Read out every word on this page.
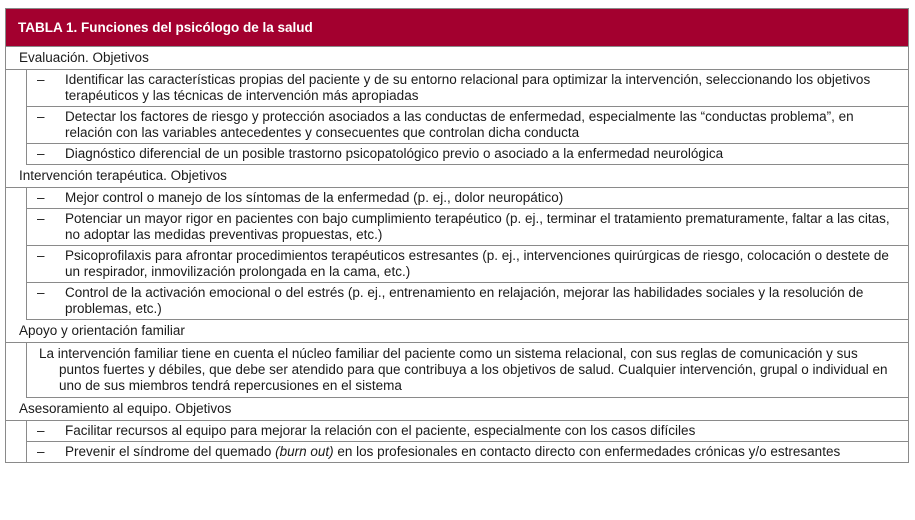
TABLA 1. Funciones del psicólogo de la salud
Evaluación. Objetivos
– Identificar las características propias del paciente y de su entorno relacional para optimizar la intervención, seleccionando los objetivos terapéuticos y las técnicas de intervención más apropiadas
– Detectar los factores de riesgo y protección asociados a las conductas de enfermedad, especialmente las “conductas problema”, en relación con las variables antecedentes y consecuentes que controlan dicha conducta
– Diagnóstico diferencial de un posible trastorno psicopatológico previo o asociado a la enfermedad neurológica
Intervención terapéutica. Objetivos
– Mejor control o manejo de los síntomas de la enfermedad (p. ej., dolor neuropático)
– Potenciar un mayor rigor en pacientes con bajo cumplimiento terapéutico (p. ej., terminar el tratamiento prematuramente, faltar a las citas, no adoptar las medidas preventivas propuestas, etc.)
– Psicoprofilaxis para afrontar procedimientos terapéuticos estresantes (p. ej., intervenciones quirúrgicas de riesgo, colocación o destete de un respirador, inmovilización prolongada en la cama, etc.)
– Control de la activación emocional o del estrés (p. ej., entrenamiento en relajación, mejorar las habilidades sociales y la resolución de problemas, etc.)
Apoyo y orientación familiar
La intervención familiar tiene en cuenta el núcleo familiar del paciente como un sistema relacional, con sus reglas de comunicación y sus
puntos fuertes y débiles, que debe ser atendido para que contribuya a los objetivos de salud. Cualquier intervención, grupal o individual en uno de sus miembros tendrá repercusiones en el sistema
Asesoramiento al equipo. Objetivos
– Facilitar recursos al equipo para mejorar la relación con el paciente, especialmente con los casos difíciles
– Prevenir el síndrome del quemado (burn out) en los profesionales en contacto directo con enfermedades crónicas y/o estresantes
